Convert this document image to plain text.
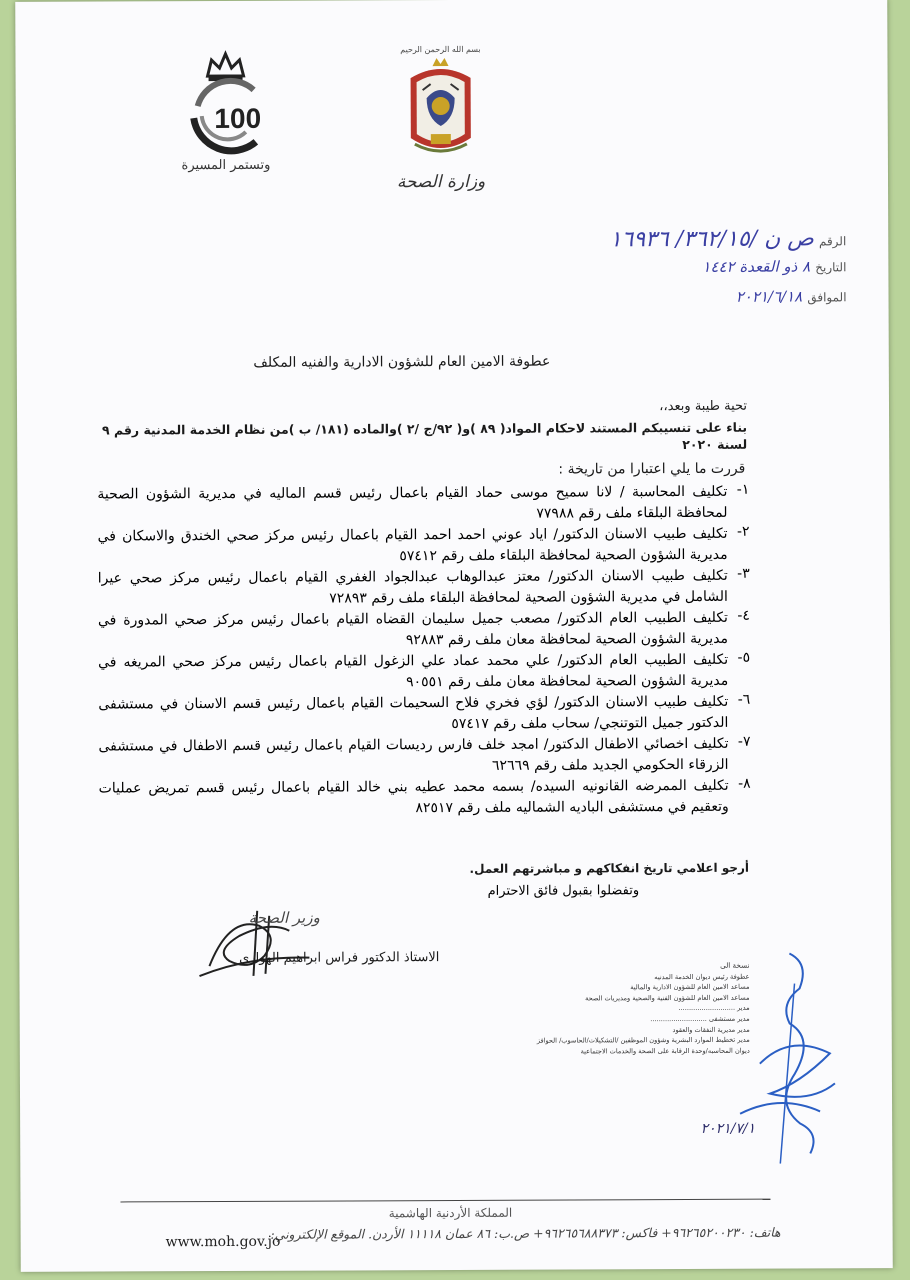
100
وتستمر المسيرة
بسم الله الرحمن الرحيم
وزارة الصحة
الرقم ص ن /٣٦٢/١٥/ ١٦٩٣٦
التاريخ ٨ ذو القعدة ١٤٤٢
الموافق ٢٠٢١/٦/١٨
عطوفة الامين العام للشؤون الادارية والفنيه المكلف
تحية طيبة وبعد،،
بناء على تنسيبكم المستند لاحكام المواد( ٨٩ )و( ٩٢/ج /٢ )والماده (١٨١/ ب )من نظام الخدمة المدنية رقم ٩ لسنة ٢٠٢٠
قررت ما يلي اعتبارا من تاريخة :
١-
تكليف المحاسبة / لانا سميح موسى حماد القيام باعمال رئيس قسم الماليه في مديرية الشؤون الصحية لمحافظة البلقاء ملف رقم ٧٧٩٨٨
٢-
تكليف طبيب الاسنان الدكتور/ اياد عوني احمد احمد القيام باعمال رئيس مركز صحي الخندق والاسكان في مديرية الشؤون الصحية لمحافظة البلقاء ملف رقم ٥٧٤١٢
٣-
تكليف طبيب الاسنان الدكتور/ معتز عبدالوهاب عبدالجواد الغفري القيام باعمال رئيس مركز صحي عيرا الشامل في مديرية الشؤون الصحية لمحافظة البلقاء ملف رقم ٧٢٨٩٣
٤-
تكليف الطبيب العام الدكتور/ مصعب جميل سليمان القضاه القيام باعمال رئيس مركز صحي المدورة في مديرية الشؤون الصحية لمحافظة معان ملف رقم ٩٢٨٨٣
٥-
تكليف الطبيب العام الدكتور/ علي محمد عماد علي الزغول القيام باعمال رئيس مركز صحي المريغه في مديرية الشؤون الصحية لمحافظة معان ملف رقم ٩٠٥٥١
٦-
تكليف طبيب الاسنان الدكتور/ لؤي فخري فلاح السحيمات القيام باعمال رئيس قسم الاسنان في مستشفى الدكتور جميل التوتنجي/ سحاب ملف رقم ٥٧٤١٧
٧-
تكليف اخصائي الاطفال الدكتور/ امجد خلف فارس رديسات القيام باعمال رئيس قسم الاطفال في مستشفى الزرقاء الحكومي الجديد ملف رقم ٦٢٦٦٩
٨-
تكليف الممرضه القانونيه السيده/ بسمه محمد عطيه بني خالد القيام باعمال رئيس قسم تمريض عمليات وتعقيم في مستشفى الباديه الشماليه ملف رقم ٨٢٥١٧
أرجو اعلامي تاريخ انفكاكهم و مباشرتهم العمل.
وتفضلوا بقبول فائق الاحترام
وزير الصحة
الاستاذ الدكتور فراس ابراهيم الهواري	نسخة الى
عطوفة رئيس ديوان الخدمة المدنيه
مساعد الامين العام للشؤون الادارية والمالية
مساعد الامين العام للشؤون الفنية والصحية ومديريات الصحة
مدير ...........................
مدير مستشفى ...........................
مدير مديرية النفقات والعقود
مدير تخطيط الموارد البشرية وشؤون الموظفين /التشكيلات/الحاسوب/ الحوافز
ديوان المحاسبه/وحدة الرقابة على الصحة والخدمات الاجتماعية
٢٠٢١/٧/١
المملكة الأردنية الهاشمية
هاتف: ٩٦٢٦٥٢٠٠٢٣٠+ فاكس: ٩٦٢٦٥٦٨٨٣٧٣+ ص.ب: ٨٦ عمان ١١١١٨ الأردن. الموقع الإلكتروني:
www.moh.gov.jo
